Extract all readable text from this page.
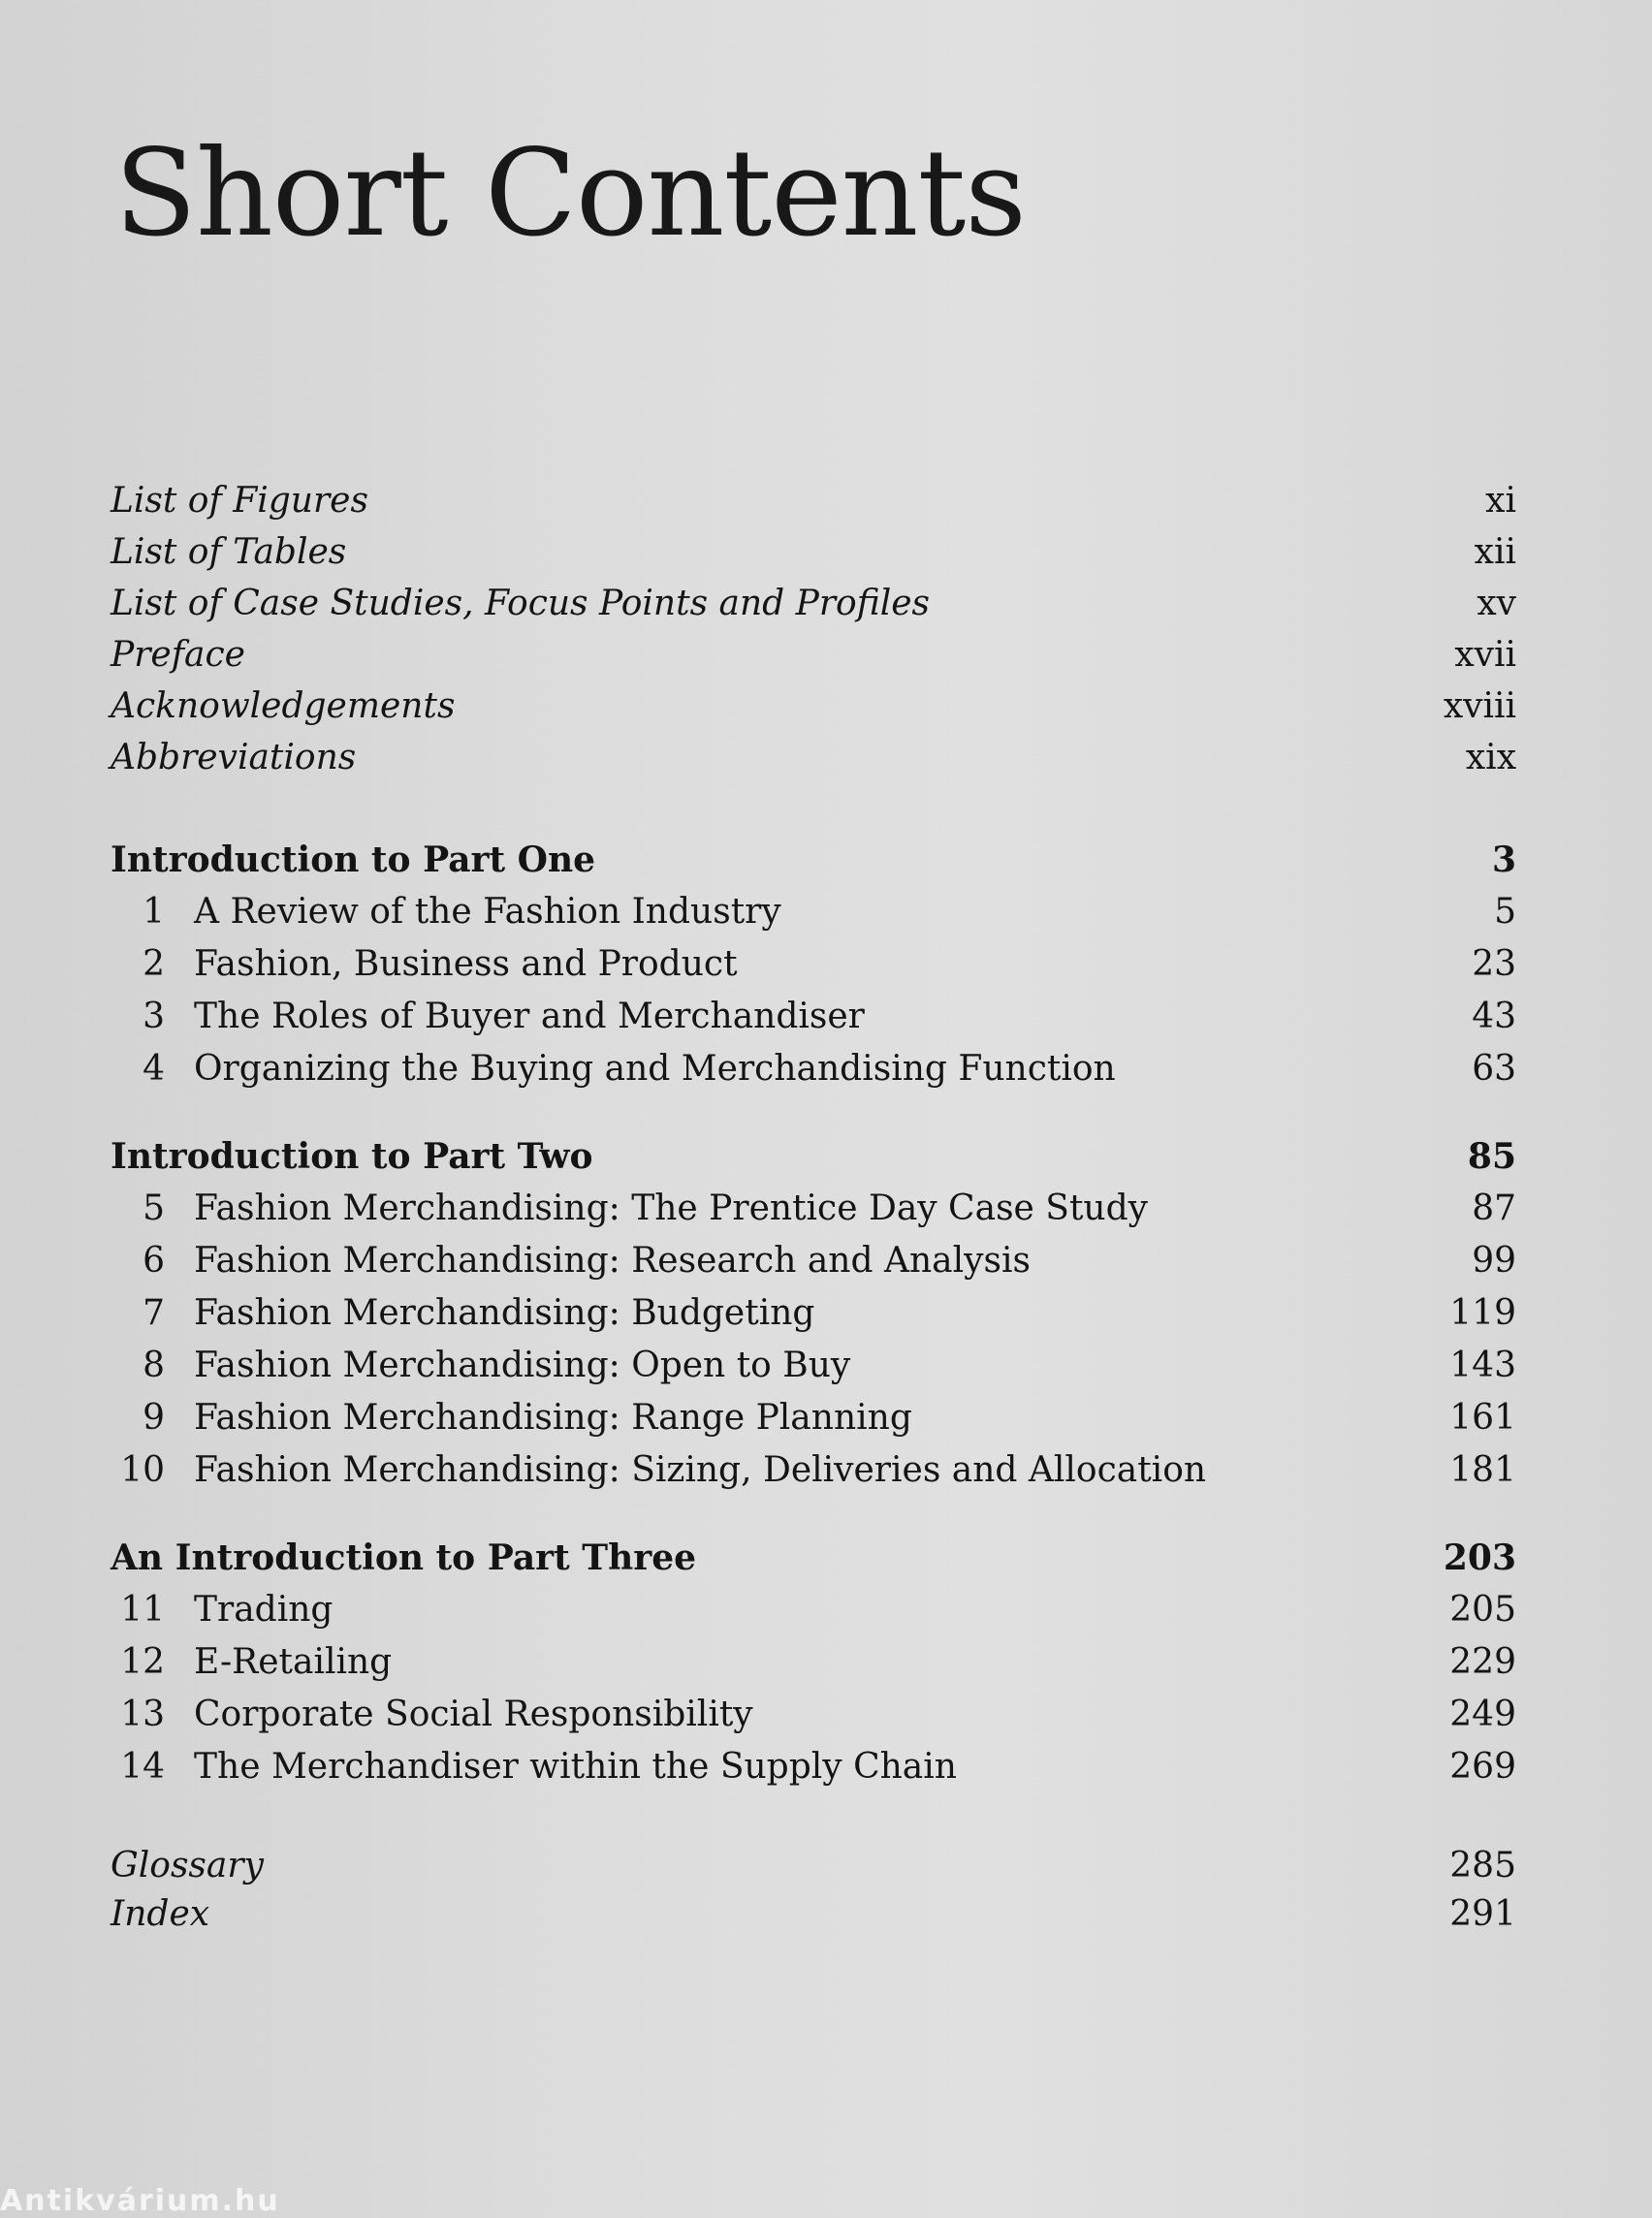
Short Contents
List of Figures	xi
List of Tables	xii
List of Case Studies, Focus Points and Profiles	xv
Preface	xvii
Acknowledgements	xviii
Abbreviations	xix
Introduction to Part One	3
1 A Review of the Fashion Industry	5
2 Fashion, Business and Product	23
3 The Roles of Buyer and Merchandiser	43
4 Organizing the Buying and Merchandising Function	63
Introduction to Part Two	85
5 Fashion Merchandising: The Prentice Day Case Study	87
6 Fashion Merchandising: Research and Analysis	99
7 Fashion Merchandising: Budgeting	119
8 Fashion Merchandising: Open to Buy	143
9 Fashion Merchandising: Range Planning	161
10 Fashion Merchandising: Sizing, Deliveries and Allocation	181
An Introduction to Part Three	203
11 Trading	205
12 E-Retailing	229
13 Corporate Social Responsibility	249
14 The Merchandiser within the Supply Chain	269
Glossary	285
Index	291
Antikvárium.hu
